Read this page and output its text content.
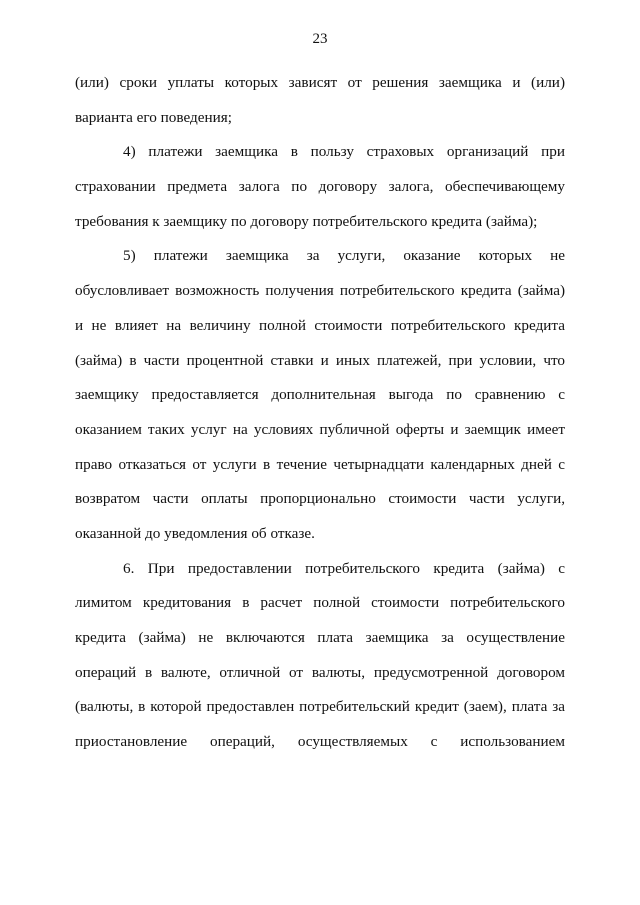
23
(или) сроки уплаты которых зависят от решения заемщика и (или)
варианта его поведения;
4) платежи заемщика в пользу страховых организаций при
страховании предмета залога по договору залога, обеспечивающему
требования к заемщику по договору потребительского кредита (займа);
5) платежи заемщика за услуги, оказание которых не
обусловливает возможность получения потребительского кредита (займа)
и не влияет на величину полной стоимости потребительского кредита
(займа) в части процентной ставки и иных платежей, при условии, что
заемщику предоставляется дополнительная выгода по сравнению с
оказанием таких услуг на условиях публичной оферты и заемщик имеет
право отказаться от услуги в течение четырнадцати календарных дней с
возвратом части оплаты пропорционально стоимости части услуги,
оказанной до уведомления об отказе.
6. При предоставлении потребительского кредита (займа) с
лимитом кредитования в расчет полной стоимости потребительского
кредита (займа) не включаются плата заемщика за осуществление
операций в валюте, отличной от валюты, предусмотренной договором
(валюты, в которой предоставлен потребительский кредит (заем), плата за
приостановление операций, осуществляемых с использованием
